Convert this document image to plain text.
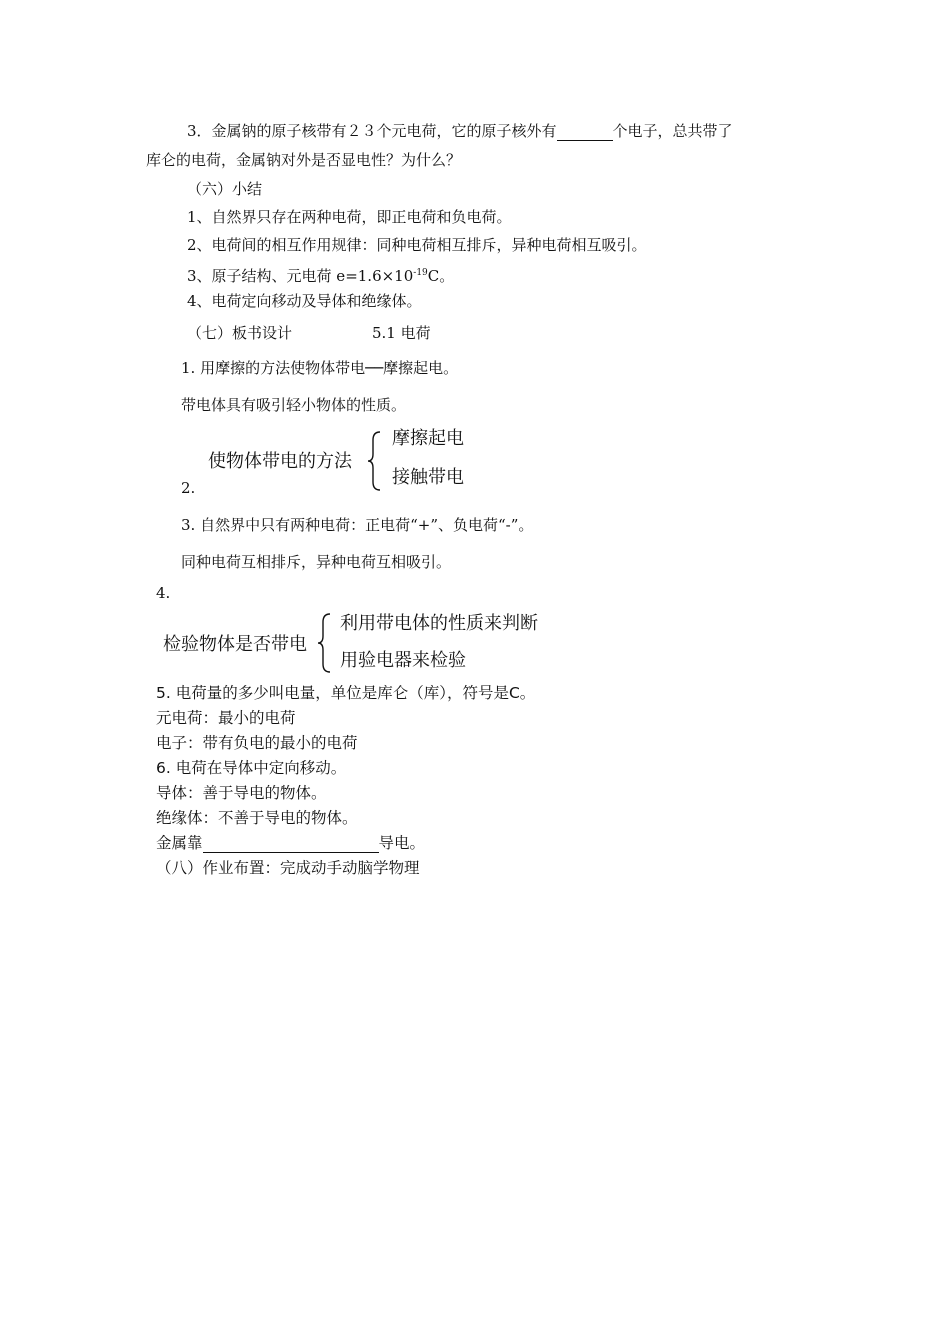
3．金属钠的原子核带有２３个元电荷，它的原子核外有	个电子，总共带了
库仑的电荷，金属钠对外是否显电性？为什么？
（六）小结
1、自然界只存在两种电荷，即正电荷和负电荷。
2、电荷间的相互作用规律：同种电荷相互排斥，异种电荷相互吸引。
3、原子结构、元电荷 $e=1.6\times 10^{-19}C$。
4、电荷定向移动及导体和绝缘体。
（七）板书设计	5.1 电荷
1. 用摩擦的方法使物体带电──摩擦起电。
带电体具有吸引轻小物体的性质。
2.
使物体带电的方法
摩擦起电
接触带电
3. 自然界中只有两种电荷：正电荷“+”、负电荷“-”。
同种电荷互相排斥，异种电荷互相吸引。
4.
检验物体是否带电
利用带电体的性质来判断
用验电器来检验
5. 电荷量的多少叫电量，单位是库仑（库），符号是C。
元电荷：最小的电荷
电子：带有负电的最小的电荷
6. 电荷在导体中定向移动。
导体：善于导电的物体。
绝缘体：不善于导电的物体。
金属靠	导电。
（八）作业布置：完成动手动脑学物理
